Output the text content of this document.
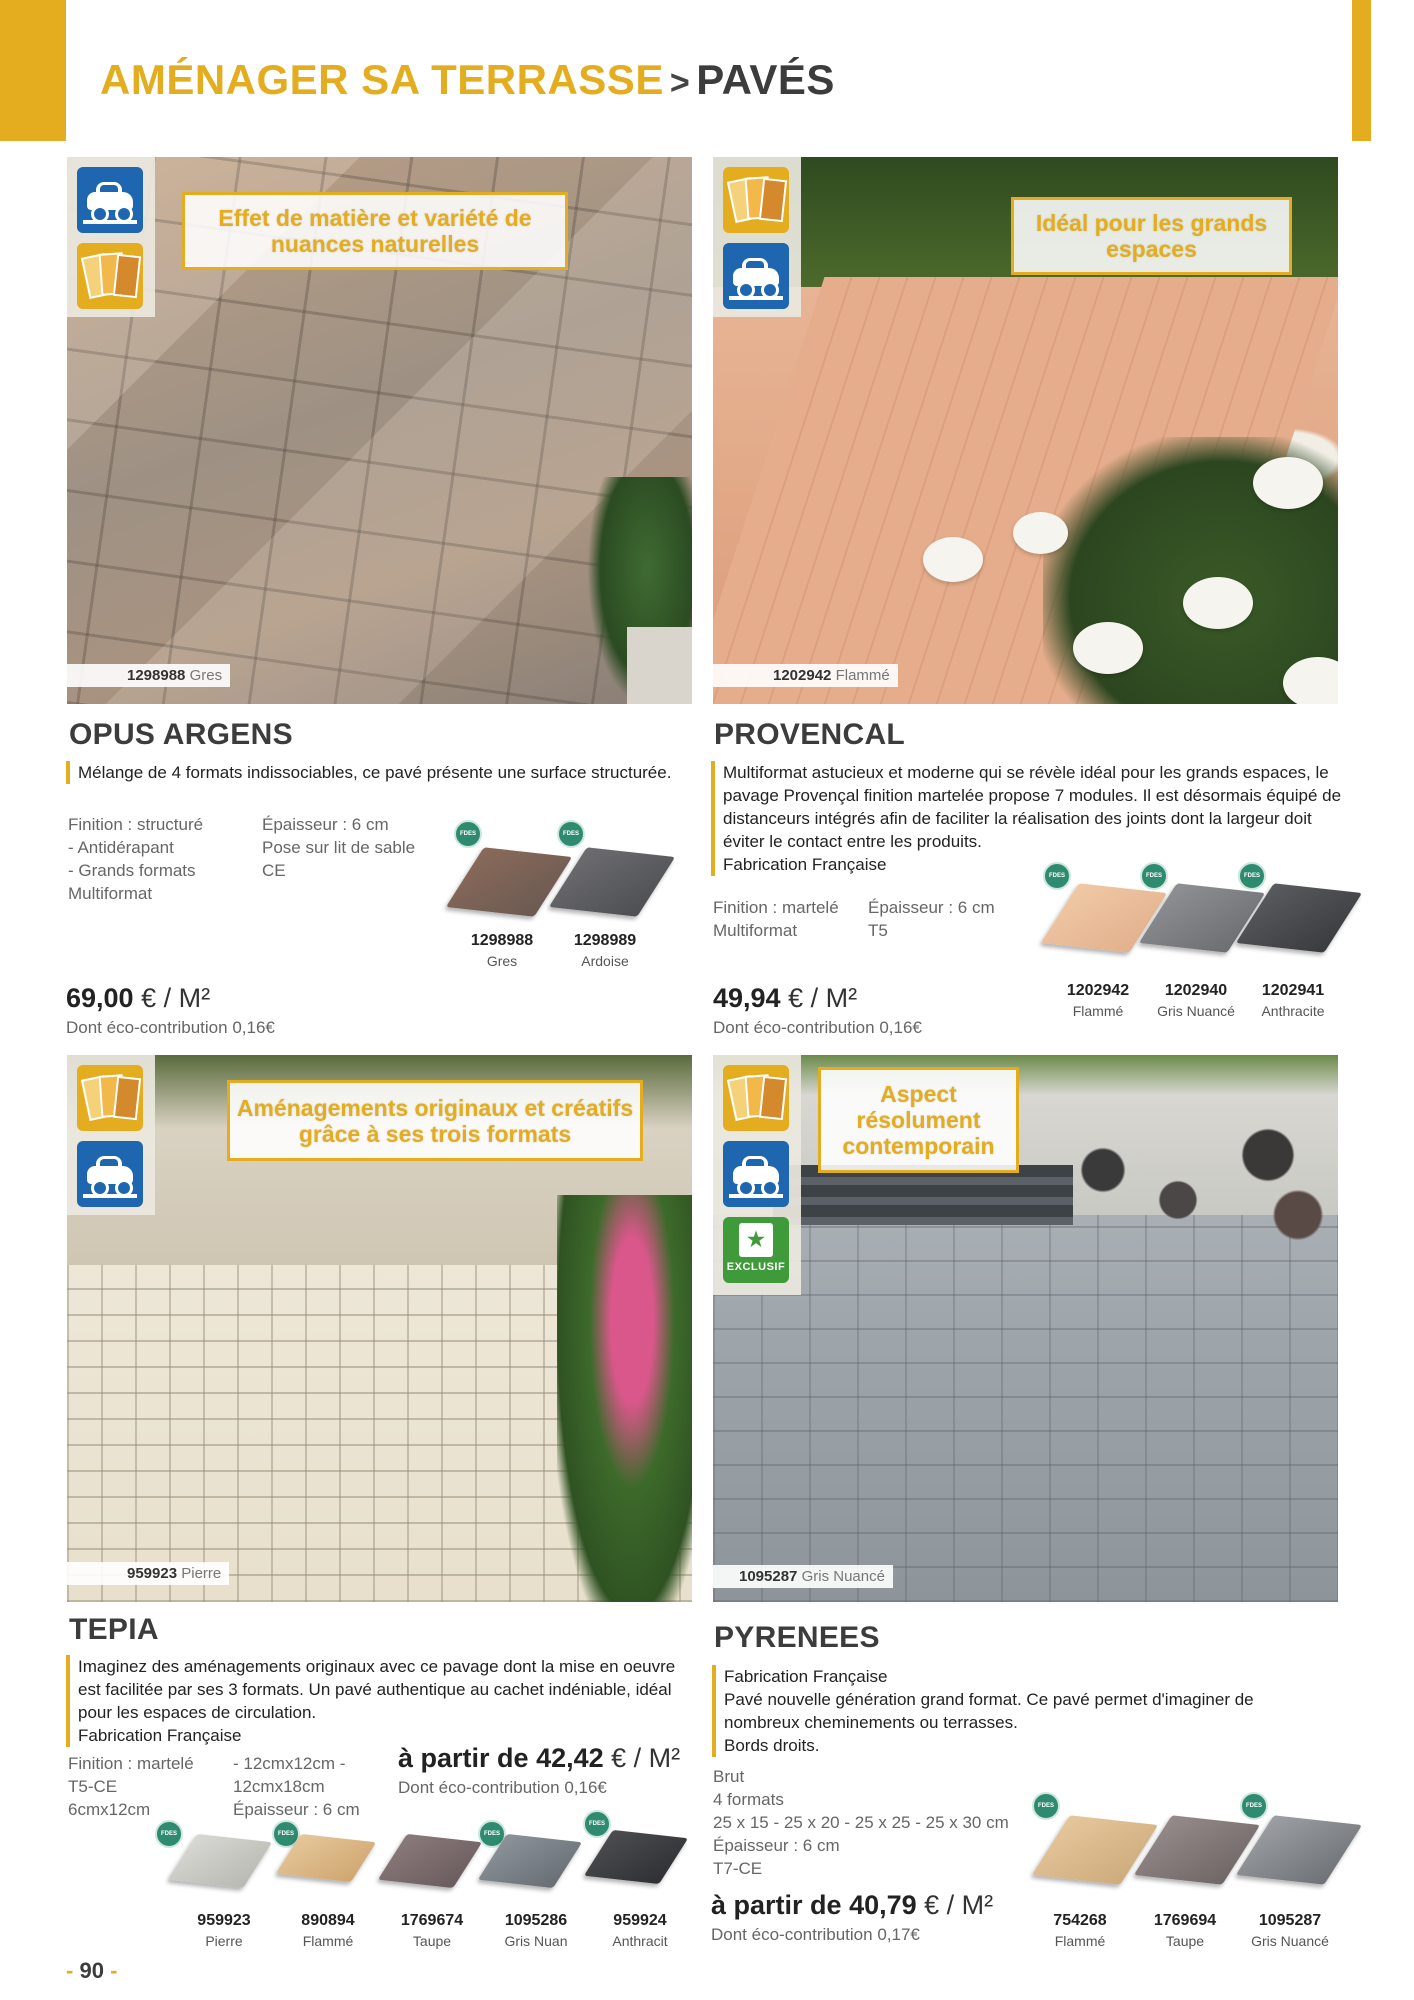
AMÉNAGER SA TERRASSE > PAVÉS
Effet de matière et variété de nuances naturelles
1298988 Gres
OPUS ARGENS
Mélange de 4 formats indissociables, ce pavé présente une surface structurée.
Finition : structuré
- Antidérapant
- Grands formats
Multiformat
Épaisseur : 6 cm
Pose sur lit de sable
CE
FDES	FDES
1298988
Gres
1298989
Ardoise
69,00 € / M²
Dont éco-contribution 0,16€
Idéal pour les grands espaces
1202942 Flammé
PROVENCAL
Multiformat astucieux et moderne qui se révèle idéal pour les grands espaces, le pavage Provençal finition martelée propose 7 modules. Il est désormais équipé de distanceurs intégrés afin de faciliter la réalisation des joints dont la largeur doit éviter le contact entre les produits.
Fabrication Française
Finition : martelé
Multiformat
Épaisseur : 6 cm
T5
FDES	FDES	FDES
1202942
Flammé
1202940
Gris Nuancé
1202941
Anthracite
49,94 € / M²
Dont éco-contribution 0,16€
Aménagements originaux et créatifs grâce à ses trois formats
959923 Pierre
TEPIA
Imaginez des aménagements originaux avec ce pavage dont la mise en oeuvre est facilitée par ses 3 formats. Un pavé authentique au cachet indéniable, idéal pour les espaces de circulation.
Fabrication Française
Finition : martelé
T5-CE
6cmx12cm
- 12cmx12cm -
12cmx18cm
Épaisseur : 6 cm
à partir de 42,42 € / M²
Dont éco-contribution 0,16€
FDES	FDES	FDES
FDES
959923
Pierre
890894
Flammé
1769674
Taupe
1095286
Gris Nuan
959924
Anthracit
★
EXCLUSIF
Aspect résolument contemporain
1095287 Gris Nuancé
PYRENEES
Fabrication Française
Pavé nouvelle génération grand format. Ce pavé permet d'imaginer de nombreux cheminements ou terrasses.
Bords droits.
Brut
4 formats
25 x 15 - 25 x 20 - 25 x 25 - 25 x 30 cm
Épaisseur : 6 cm
T7-CE
à partir de 40,79 € / M²
Dont éco-contribution 0,17€
FDES	FDES
754268
Flammé
1769694
Taupe
1095287
Gris Nuancé
- 90 -
